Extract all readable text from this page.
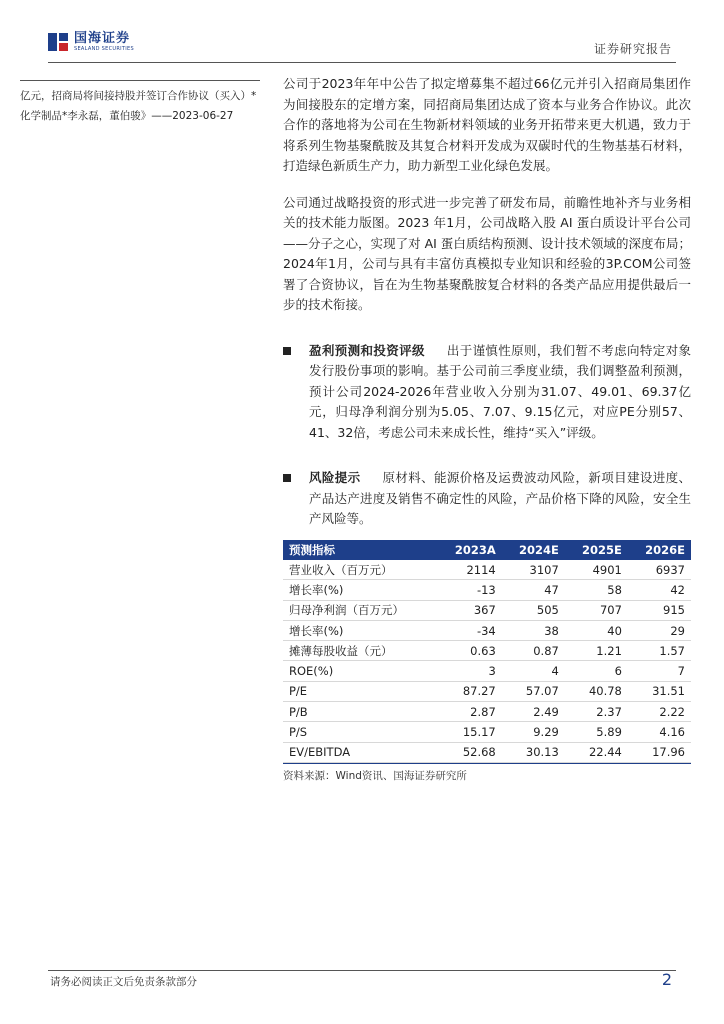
国海证券
SEALAND SECURITIES	证券研究报告
亿元，招商局将间接持股并签订合作协议（买入）*化学制品*李永磊，董伯骏》——2023-06-27

公司于2023年年中公告了拟定增募集不超过66亿元并引入招商局集团作为间接股东的定增方案，同招商局集团达成了资本与业务合作协议。此次合作的落地将为公司在生物新材料领域的业务开拓带来更大机遇，致力于将系列生物基聚酰胺及其复合材料开发成为双碳时代的生物基基石材料，打造绿色新质生产力，助力新型工业化绿色发展。

公司通过战略投资的形式进一步完善了研发布局，前瞻性地补齐与业务相关的技术能力版图。2023 年1月，公司战略入股 AI 蛋白质设计平台公司——分子之心，实现了对 AI 蛋白质结构预测、设计技术领域的深度布局；2024年1月，公司与具有丰富仿真模拟专业知识和经验的3P.COM公司签署了合资协议，旨在为生物基聚酰胺复合材料的各类产品应用提供最后一步的技术衔接。

盈利预测和投资评级 出于谨慎性原则，我们暂不考虑向特定对象发行股份事项的影响。基于公司前三季度业绩，我们调整盈利预测，预计公司2024-2026年营业收入分别为31.07、49.01、69.37亿元，归母净利润分别为5.05、7.07、9.15亿元，对应PE分别57、41、32倍，考虑公司未来成长性，维持“买入”评级。

风险提示 原材料、能源价格及运费波动风险，新项目建设进度、产品达产进度及销售不确定性的风险，产品价格下降的风险，安全生产风险等。

预测指标	2023A	2024E	2025E	2026E
营业收入（百万元）	2114	3107	4901	6937
增长率(%)	-13	47	58	42
归母净利润（百万元）	367	505	707	915
增长率(%)	-34	38	40	29
摊薄每股收益（元）	0.63	0.87	1.21	1.57
ROE(%)	3	4	6	7
P/E	87.27	57.07	40.78	31.51
P/B	2.87	2.49	2.37	2.22
P/S	15.17	9.29	5.89	4.16
EV/EBITDA	52.68	30.13	22.44	17.96
资料来源：Wind资讯、国海证券研究所
请务必阅读正文后免责条款部分	2
